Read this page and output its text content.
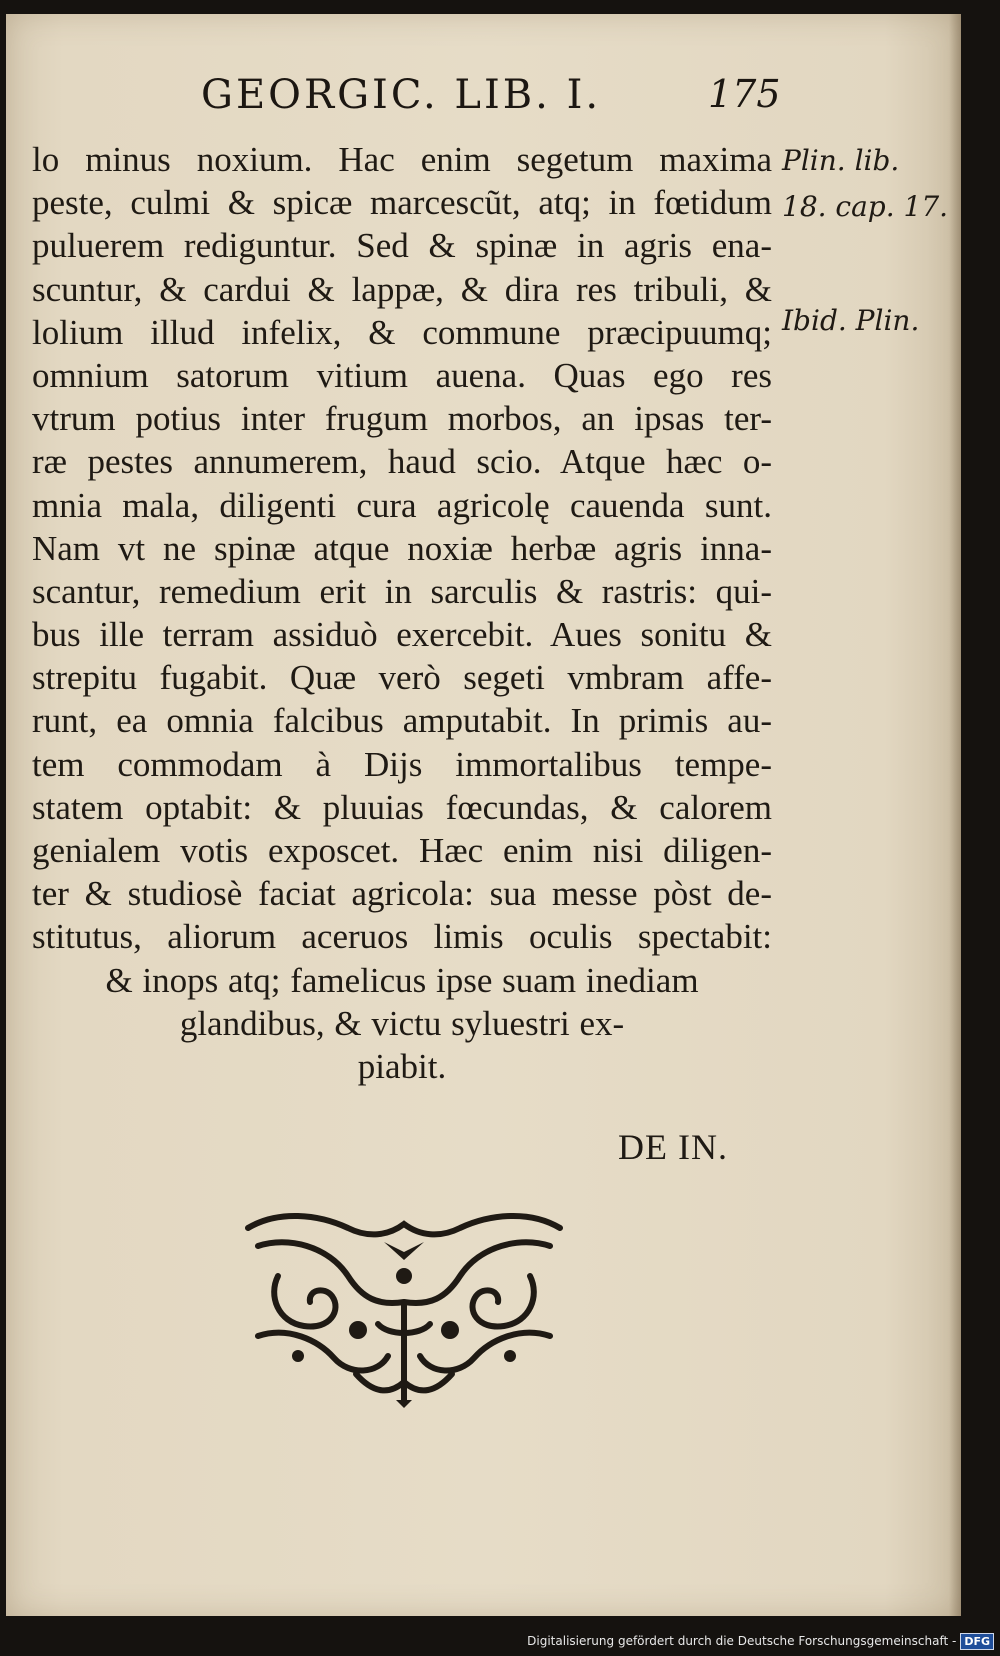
GEORGIC. LIB. I.	175
Plin. lib.
18. cap. 17.
Ibid. Plin.
lo minus noxium. Hac enim segetum maxima
peste, culmi & spicæ marcescũt, atq; in fœtidum
puluerem rediguntur. Sed & spinæ in agris ena-
scuntur, & cardui & lappæ, & dira res tribuli, &
lolium illud infelix, & commune præcipuumq;
omnium satorum vitium auena. Quas ego res
vtrum potius inter frugum morbos, an ipsas ter-
ræ pestes annumerem, haud scio. Atque hæc o-
mnia mala, diligenti cura agricolę cauenda sunt.
Nam vt ne spinæ atque noxiæ herbæ agris inna-
scantur, remedium erit in sarculis & rastris: qui-
bus ille terram assiduò exercebit. Aues sonitu &
strepitu fugabit. Quæ verò segeti vmbram affe-
runt, ea omnia falcibus amputabit. In primis au-
tem commodam à Dijs immortalibus tempe-
statem optabit: & pluuias fœcundas, & calorem
genialem votis exposcet. Hæc enim nisi diligen-
ter & studiosè faciat agricola: sua messe pòst de-
stitutus, aliorum aceruos limis oculis spectabit:
& inops atq; famelicus ipse suam inediam
glandibus, & victu syluestri ex-
piabit.
DE IN.
Digitalisierung gefördert durch die Deutsche Forschungsgemeinschaft - DFG
